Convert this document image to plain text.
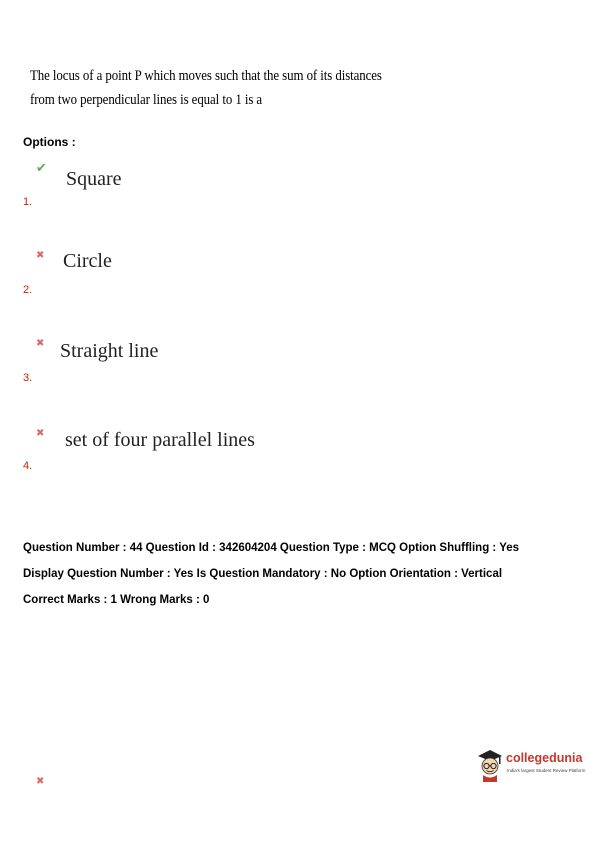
The locus of a point P which moves such that the sum of its distances from two perpendicular lines is equal to 1 is a
Options :
✔
Square
1.
✖ Circle
2.
✖ Straight line
3.
✖ set of four parallel lines
4.
Question Number : 44 Question Id : 342604204 Question Type : MCQ Option Shuffling : Yes
Display Question Number : Yes Is Question Mandatory : No Option Orientation : Vertical
Correct Marks : 1 Wrong Marks : 0
collegedunia
India's largest Student Review Platform
✖
